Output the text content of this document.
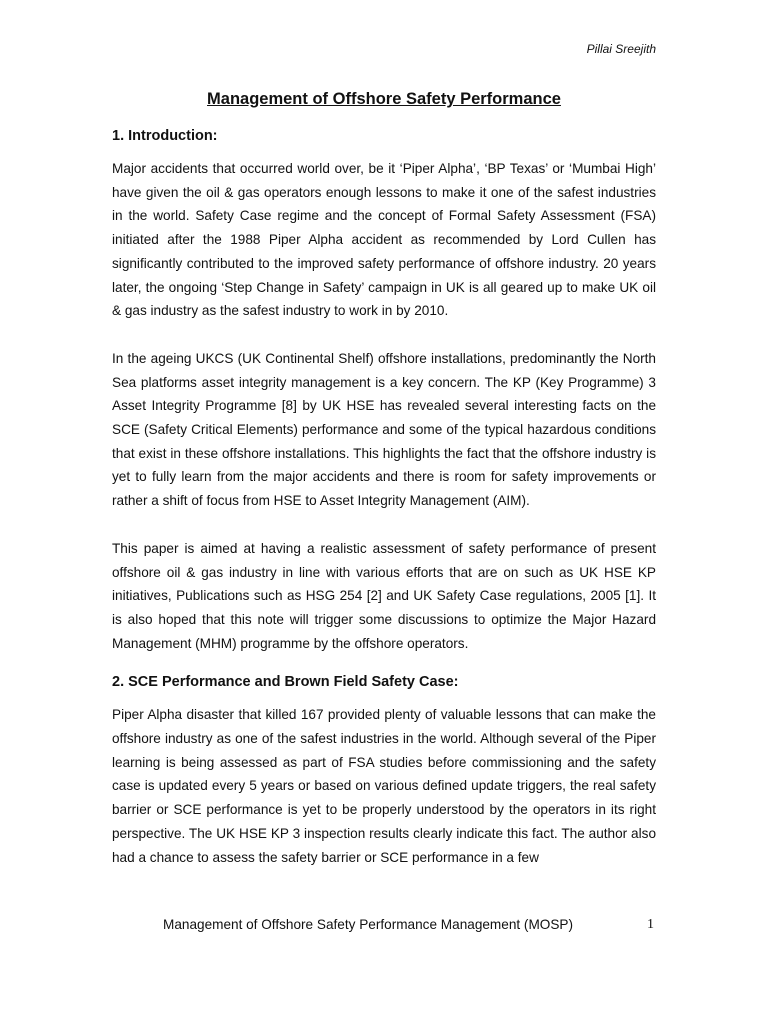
Pillai Sreejith

Management of Offshore Safety Performance
1. Introduction:

Major accidents that occurred world over, be it ‘Piper Alpha’, ‘BP Texas’ or ‘Mumbai High’ have given the oil & gas operators enough lessons to make it one of the safest industries in the world. Safety Case regime and the concept of Formal Safety Assessment (FSA) initiated after the 1988 Piper Alpha accident as recommended by Lord Cullen has significantly contributed to the improved safety performance of offshore industry. 20 years later, the ongoing ‘Step Change in Safety’ campaign in UK is all geared up to make UK oil & gas industry as the safest industry to work in by 2010.

In the ageing UKCS (UK Continental Shelf) offshore installations, predominantly the North Sea platforms asset integrity management is a key concern. The KP (Key Programme) 3 Asset Integrity Programme [8] by UK HSE has revealed several interesting facts on the SCE (Safety Critical Elements) performance and some of the typical hazardous conditions that exist in these offshore installations. This highlights the fact that the offshore industry is yet to fully learn from the major accidents and there is room for safety improvements or rather a shift of focus from HSE to Asset Integrity Management (AIM).

This paper is aimed at having a realistic assessment of safety performance of present offshore oil & gas industry in line with various efforts that are on such as UK HSE KP initiatives, Publications such as HSG 254 [2] and UK Safety Case regulations, 2005 [1]. It is also hoped that this note will trigger some discussions to optimize the Major Hazard Management (MHM) programme by the offshore operators.

2. SCE Performance and Brown Field Safety Case:

Piper Alpha disaster that killed 167 provided plenty of valuable lessons that can make the offshore industry as one of the safest industries in the world. Although several of the Piper learning is being assessed as part of FSA studies before commissioning and the safety case is updated every 5 years or based on various defined update triggers, the real safety barrier or SCE performance is yet to be properly understood by the operators in its right perspective. The UK HSE KP 3 inspection results clearly indicate this fact. The author also had a chance to assess the safety barrier or SCE performance in a few

Management of Offshore Safety Performance Management (MOSP)	1
